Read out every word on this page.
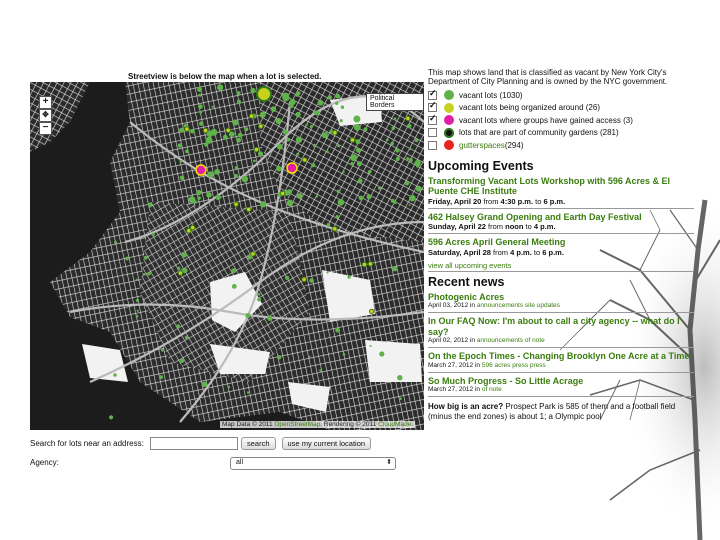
Streetview is below the map when a lot is selected.
+
✥
−
Political Borders
Map Data © 2011 OpenStreetMap. Rendering © 2011 CloudMade.
Search for lots near an address:	search	use my current location
Agency:	all	⬍
This map shows land that is classified as vacant by New York City's Department of City Planning and is owned by the NYC government.
✓
vacant lots (1030)
✓
vacant lots being organized around (26)
✓
vacant lots where groups have gained access (3)
lots that are part of community gardens (281)
gutterspaces (294)
Upcoming Events
Transforming Vacant Lots Workshop with 596 Acres & El Puente CHE Institute
Friday, April 20 from 4:30 p.m. to 6 p.m.
462 Halsey Grand Opening and Earth Day Festival
Sunday, April 22 from noon to 4 p.m.
596 Acres April General Meeting
Saturday, April 28 from 4 p.m. to 6 p.m.
view all upcoming events
Recent news
Photogenic Acres
April 03, 2012 in announcements site updates
In Our FAQ Now: I'm about to call a city agency -- what do I say?
April 02, 2012 in announcements of note
On the Epoch Times - Changing Brooklyn One Acre at a Time
March 27, 2012 in 596 acres press press
So Much Progress - So Little Acrage
March 27, 2012 in of note
How big is an acre? Prospect Park is 585 of them and a football field (minus the end zones) is about 1; a Olympic pool
